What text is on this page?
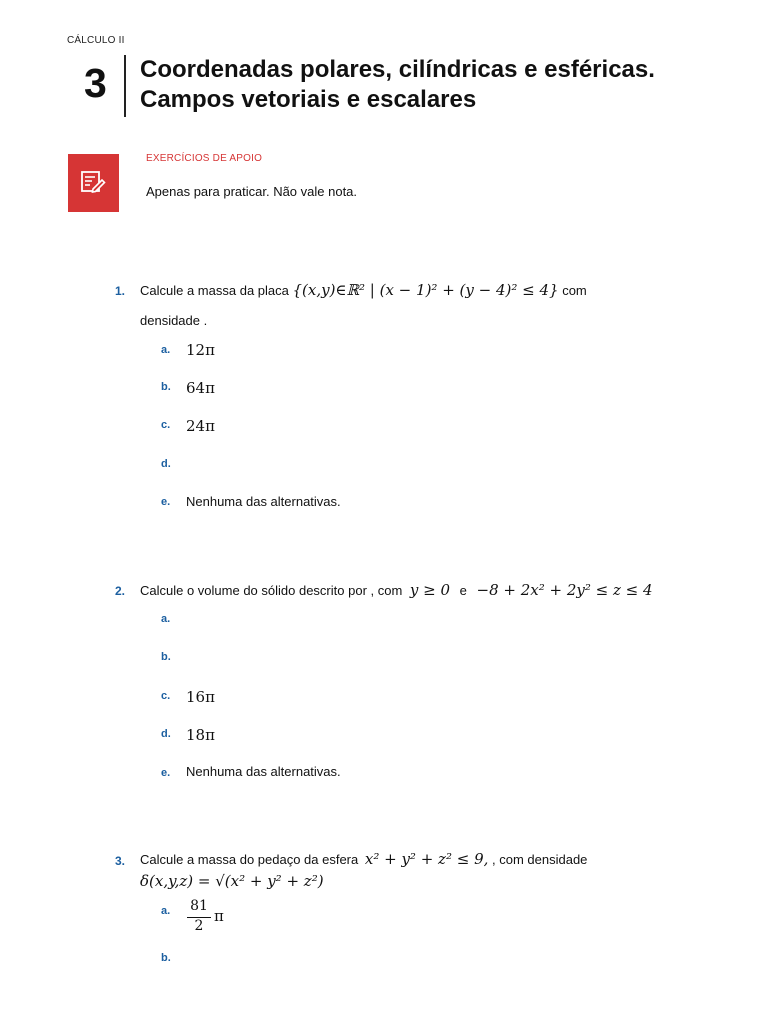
CÁLCULO II
3 Coordenadas polares, cilíndricas e esféricas.
Campos vetoriais e escalares
EXERCÍCIOS DE APOIO
Apenas para praticar. Não vale nota.
1. Calcule a massa da placa {(x,y)∈ℝ² | (x − 1)² + (y − 4)² ≤ 4} com
densidade .
a. 12π
b. 64π
c. 24π
d.
e. Nenhuma das alternativas.
2. Calcule o volume do sólido descrito por , com y ≥ 0 e −8 + 2x² + 2y² ≤ z ≤ 4
a.
b.
c. 16π
d. 18π
e. Nenhuma das alternativas.
3. Calcule a massa do pedaço da esfera x² + y² + z² ≤ 9, , com densidade
δ(x,y,z) = √(x² + y² + z²)
a. 81
2
π
b.
